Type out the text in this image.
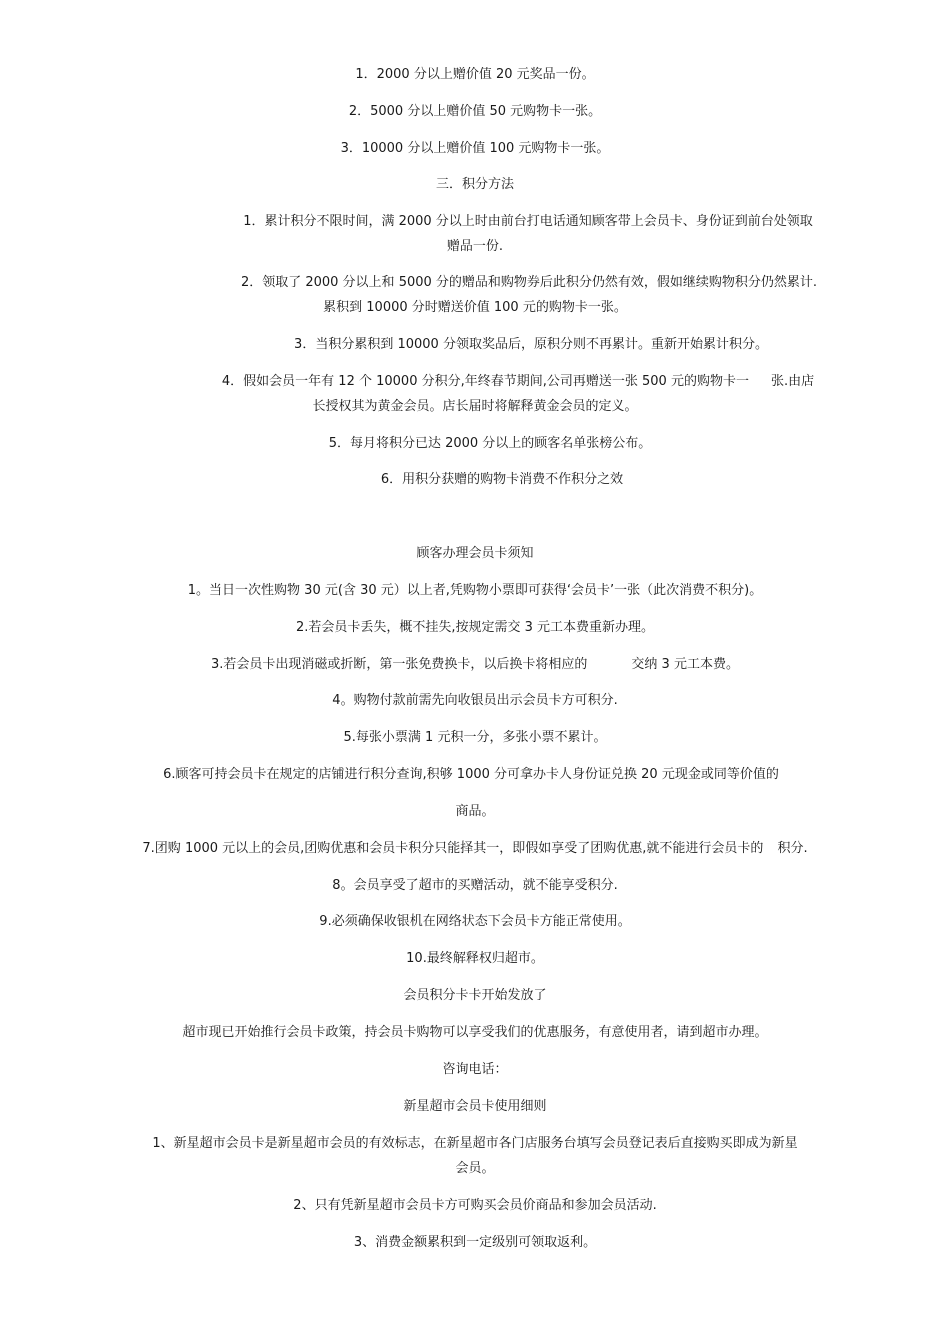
1．2000 分以上赠价值 20 元奖品一份。
2．5000 分以上赠价值 50 元购物卡一张。
3．10000 分以上赠价值 100 元购物卡一张。
三．积分方法
1．累计积分不限时间，满 2000 分以上时由前台打电话通知顾客带上会员卡、身份证到前台处领取
赠品一份.
2．领取了 2000 分以上和 5000 分的赠品和购物券后此积分仍然有效，假如继续购物积分仍然累计.
累积到 10000 分时赠送价值 100 元的购物卡一张。
3．当积分累积到 10000 分领取奖品后，原积分则不再累计。重新开始累计积分。
4．假如会员一年有 12 个 10000 分积分,年终春节期间,公司再赠送一张 500 元的购物卡一 张.由店
长授权其为黄金会员。店长届时将解释黄金会员的定义。
5．每月将积分已达 2000 分以上的顾客名单张榜公布。
6．用积分获赠的购物卡消费不作积分之效
顾客办理会员卡须知
1。当日一次性购物 30 元(含 30 元）以上者,凭购物小票即可获得‘会员卡’一张（此次消费不积分)。
2.若会员卡丢失，概不挂失,按规定需交 3 元工本费重新办理。
3.若会员卡出现消磁或折断，第一张免费换卡，以后换卡将相应的	交纳 3 元工本费。
4。购物付款前需先向收银员出示会员卡方可积分.
5.每张小票满 1 元积一分，多张小票不累计。
6.顾客可持会员卡在规定的店铺进行积分查询,积够 1000 分可拿办卡人身份证兑换 20 元现金或同等价值的
商品。
7.团购 1000 元以上的会员,团购优惠和会员卡积分只能择其一，即假如享受了团购优惠,就不能进行会员卡的 积分.
8。会员享受了超市的买赠活动，就不能享受积分.
9.必须确保收银机在网络状态下会员卡方能正常使用。
10.最终解释权归超市。
会员积分卡卡开始发放了
超市现已开始推行会员卡政策，持会员卡购物可以享受我们的优惠服务，有意使用者，请到超市办理。
咨询电话：
新星超市会员卡使用细则
1、新星超市会员卡是新星超市会员的有效标志，在新星超市各门店服务台填写会员登记表后直接购买即成为新星
会员。
2、只有凭新星超市会员卡方可购买会员价商品和参加会员活动.
3、消费金额累积到一定级别可领取返利。
